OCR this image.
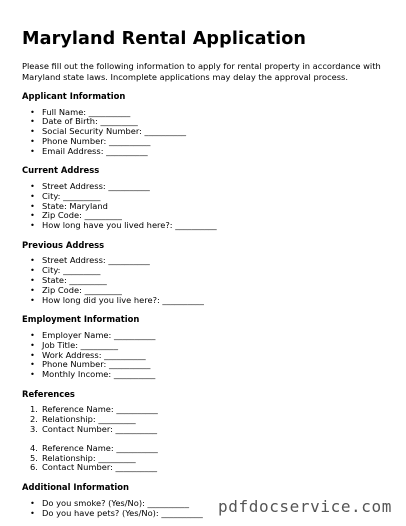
Maryland Rental Application

Please fill out the following information to apply for rental property in accordance with Maryland state laws. Incomplete applications may delay the approval process.

Applicant Information
• Full Name: __________
• Date of Birth: _________
• Social Security Number: __________
• Phone Number: __________
• Email Address: __________
Current Address
• Street Address: __________
• City: _________
• State: Maryland
• Zip Code: _________
• How long have you lived here?: __________
Previous Address
• Street Address: __________
• City: _________
• State: _________
• Zip Code: _________
• How long did you live here?: __________
Employment Information
• Employer Name: __________
• Job Title: _________
• Work Address: __________
• Phone Number: __________
• Monthly Income: __________
References
1. Reference Name: __________
2. Relationship: _________
3. Contact Number: __________
4. Reference Name: __________
5. Relationship: _________
6. Contact Number: __________
Additional Information
• Do you smoke? (Yes/No): __________
• Do you have pets? (Yes/No): __________ pdfdocservice.com
